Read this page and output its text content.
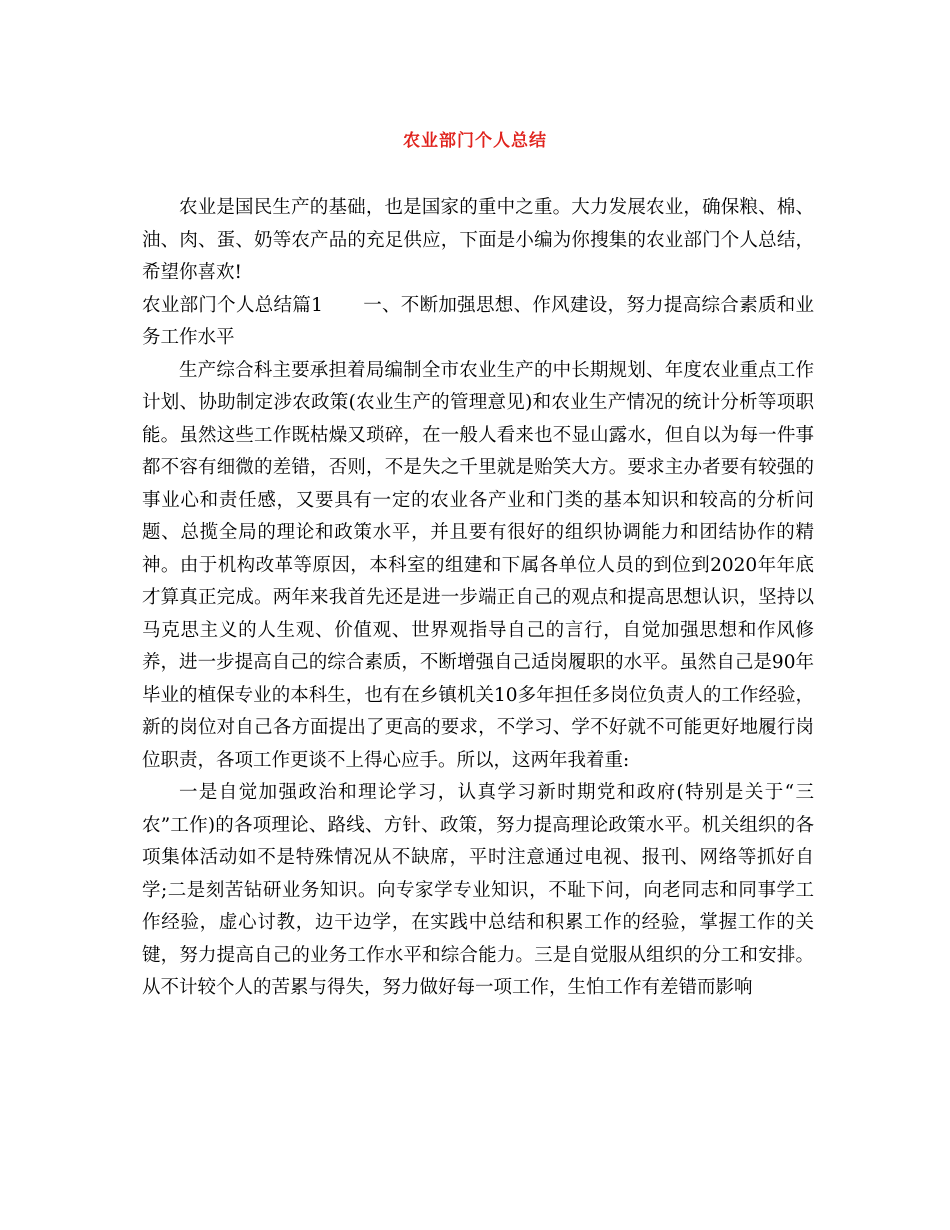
农业部门个人总结

农业是国民生产的基础，也是国家的重中之重。大力发展农业，确保粮、棉、油、肉、蛋、奶等农产品的充足供应，下面是小编为你搜集的农业部门个人总结，希望你喜欢!

农业部门个人总结篇1 一、不断加强思想、作风建设，努力提高综合素质和业务工作水平

生产综合科主要承担着局编制全市农业生产的中长期规划、年度农业重点工作计划、协助制定涉农政策(农业生产的管理意见)和农业生产情况的统计分析等项职能。虽然这些工作既枯燥又琐碎，在一般人看来也不显山露水，但自以为每一件事都不容有细微的差错，否则，不是失之千里就是贻笑大方。要求主办者要有较强的事业心和责任感，又要具有一定的农业各产业和门类的基本知识和较高的分析问题、总揽全局的理论和政策水平，并且要有很好的组织协调能力和团结协作的精神。由于机构改革等原因，本科室的组建和下属各单位人员的到位到2020年年底才算真正完成。两年来我首先还是进一步端正自己的观点和提高思想认识，坚持以马克思主义的人生观、价值观、世界观指导自己的言行，自觉加强思想和作风修养，进一步提高自己的综合素质，不断增强自己适岗履职的水平。虽然自己是90年毕业的植保专业的本科生，也有在乡镇机关10多年担任多岗位负责人的工作经验，新的岗位对自己各方面提出了更高的要求，不学习、学不好就不可能更好地履行岗位职责，各项工作更谈不上得心应手。所以，这两年我着重:

一是自觉加强政治和理论学习，认真学习新时期党和政府(特别是关于“三农”工作)的各项理论、路线、方针、政策，努力提高理论政策水平。机关组织的各项集体活动如不是特殊情况从不缺席，平时注意通过电视、报刊、网络等抓好自学;二是刻苦钻研业务知识。向专家学专业知识，不耻下问，向老同志和同事学工作经验，虚心讨教，边干边学，在实践中总结和积累工作的经验，掌握工作的关键，努力提高自己的业务工作水平和综合能力。三是自觉服从组织的分工和安排。从不计较个人的苦累与得失，努力做好每一项工作，生怕工作有差错而影响
